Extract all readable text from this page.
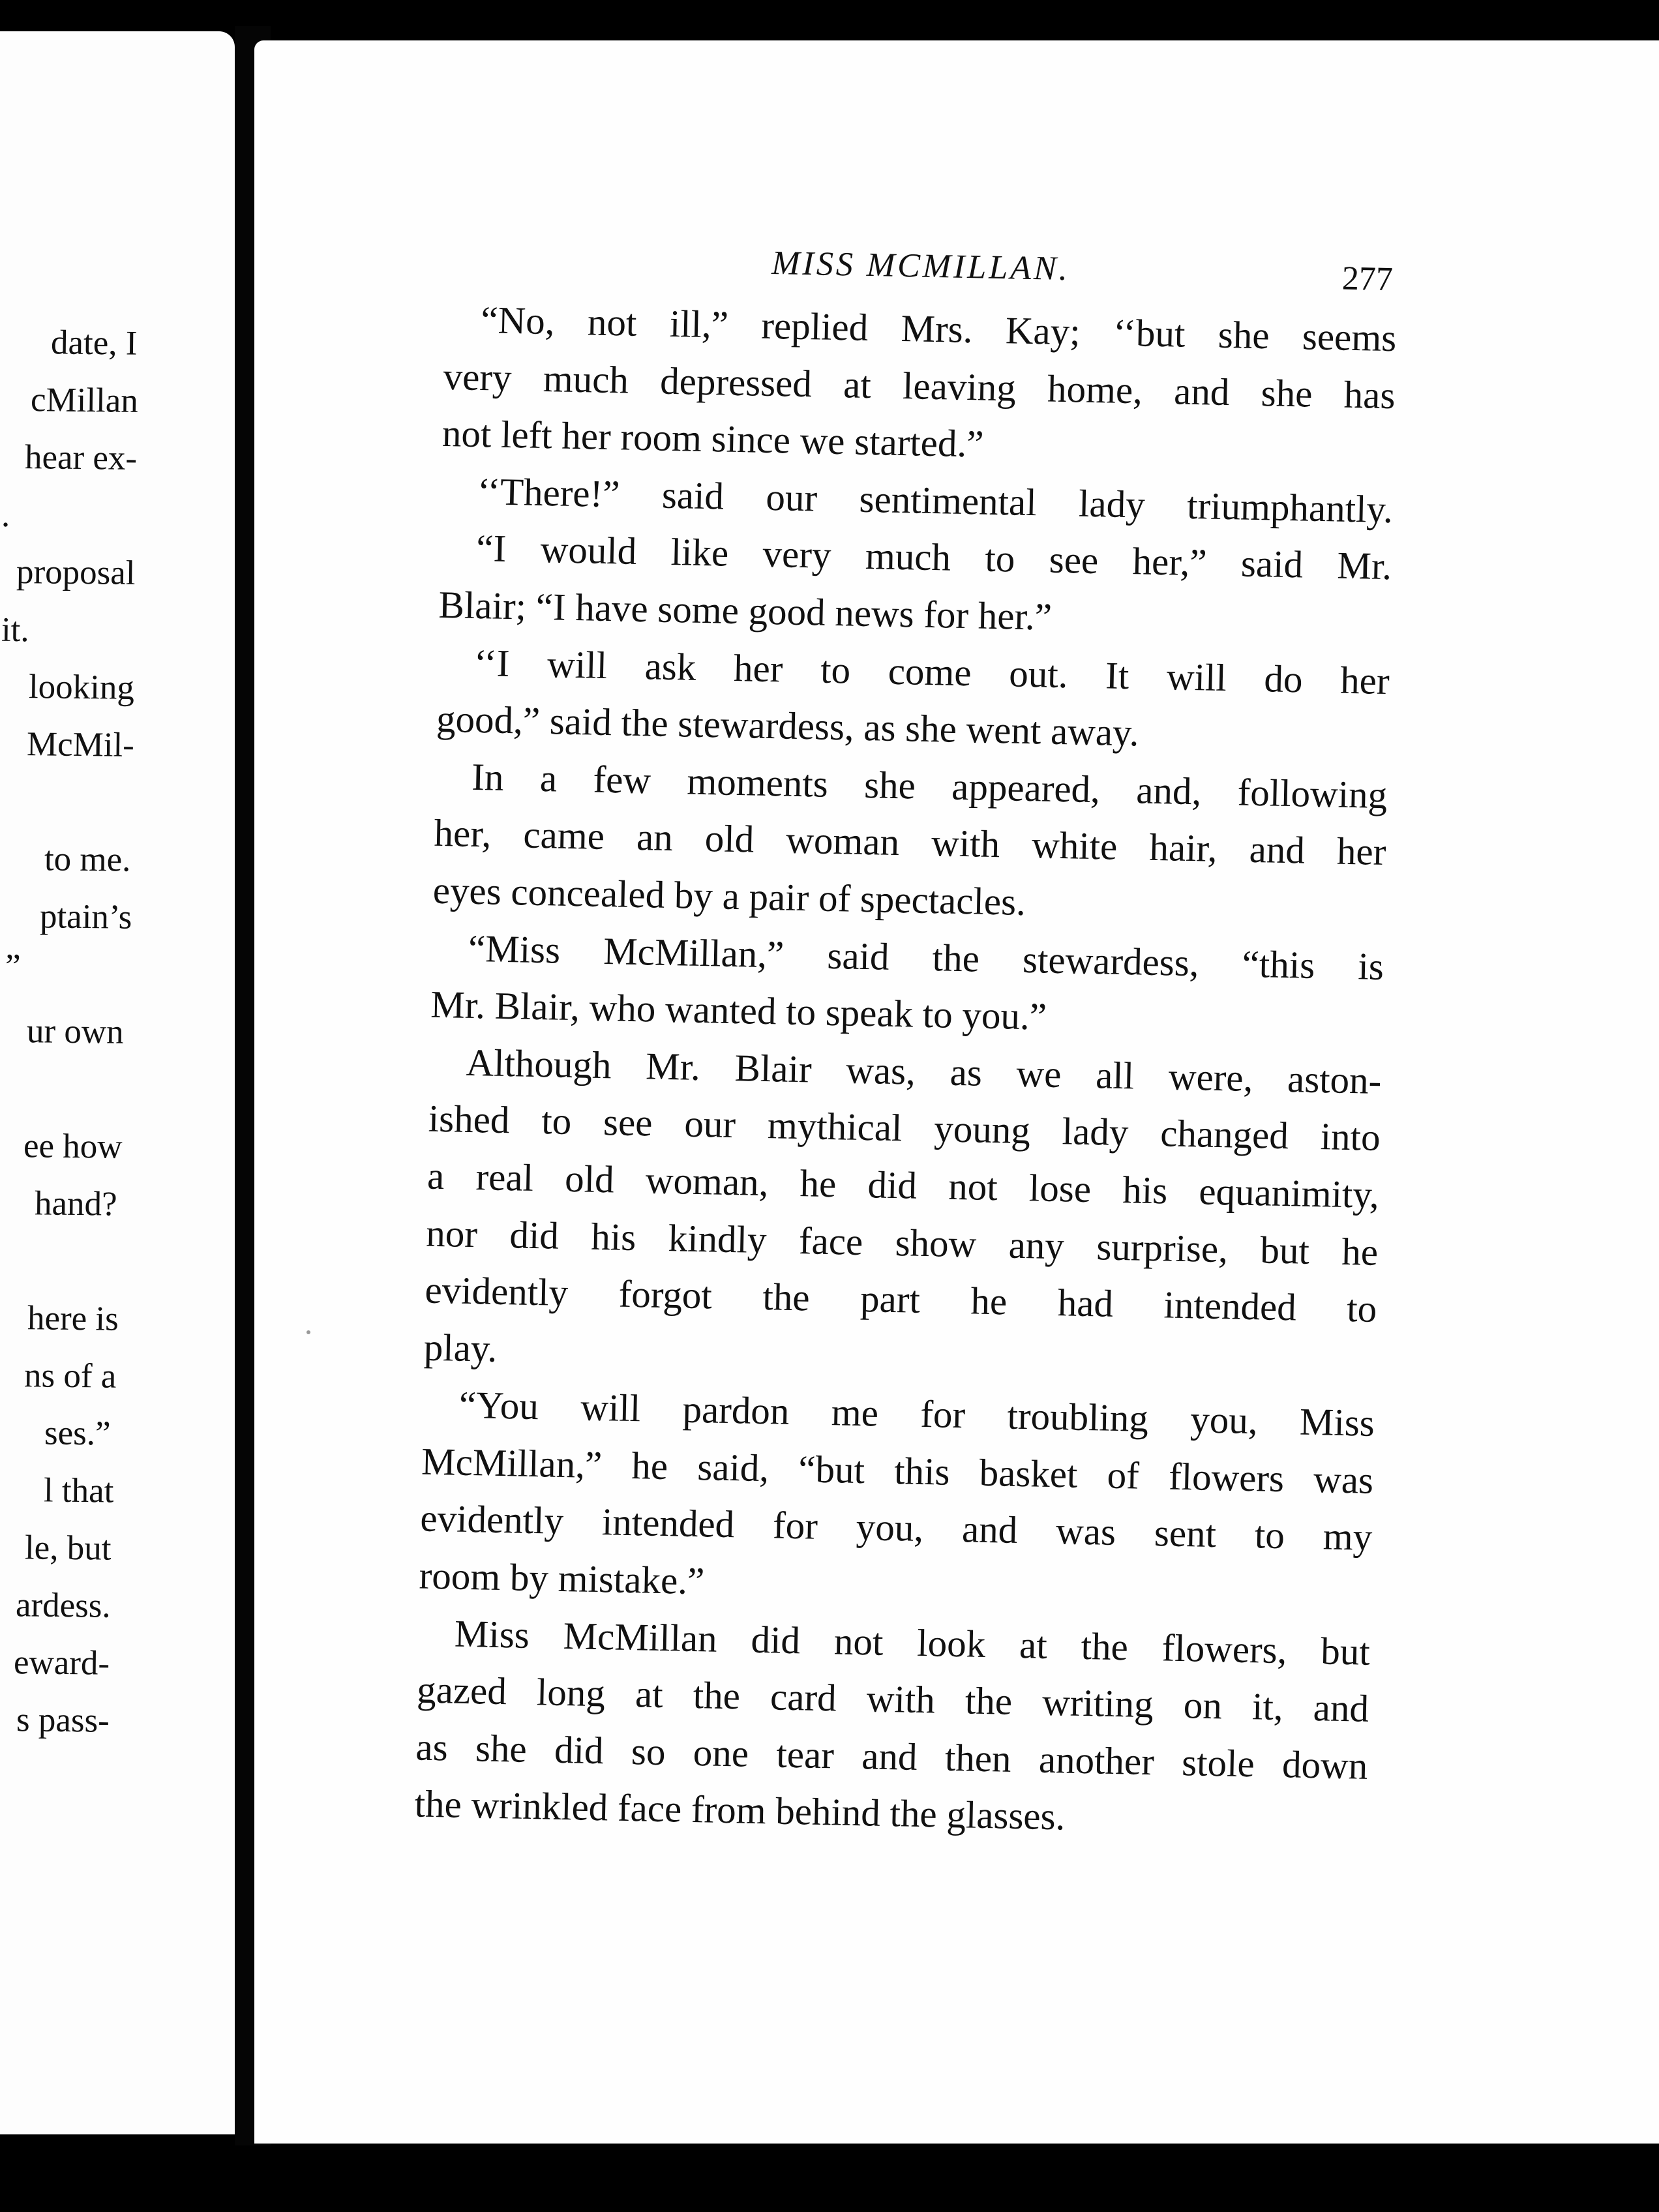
date, I
cMillan
hear ex-
.
proposal
it.
looking
McMil-
to me.
ptain’s
”
ur own
ee how
hand?
here is
ns of a
ses.”
l that
le, but
ardess.
eward-
s pass-
MISS MCMILLAN.	277
“No, not ill,” replied Mrs. Kay; ‘‘but she seems
very much depressed at leaving home, and she has
not left her room since we started.”
‘‘There!” said our sentimental lady triumphantly.
“I would like very much to see her,” said Mr.
Blair; “I have some good news for her.”
‘‘I will ask her to come out. It will do her
good,” said the stewardess, as she went away.
In a few moments she appeared, and, following
her, came an old woman with white hair, and her
eyes concealed by a pair of spectacles.
“Miss McMillan,” said the stewardess, “this is
Mr. Blair, who wanted to speak to you.”
Although Mr. Blair was, as we all were, aston-
ished to see our mythical young lady changed into
a real old woman, he did not lose his equanimity,
nor did his kindly face show any surprise, but he
evidently forgot the part he had intended to
play.
“You will pardon me for troubling you, Miss
McMillan,” he said, “but this basket of flowers was
evidently intended for you, and was sent to my
room by mistake.”
Miss McMillan did not look at the flowers, but
gazed long at the card with the writing on it, and
as she did so one tear and then another stole down
the wrinkled face from behind the glasses.
